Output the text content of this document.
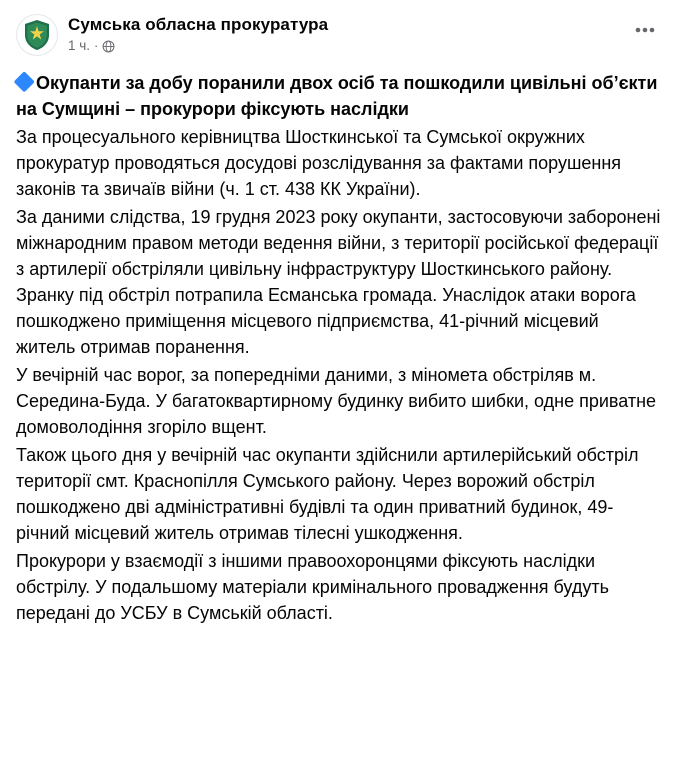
Сумська обласна прокуратура
1 ч. ·

Окупанти за добу поранили двох осіб та пошкодили цивільні об’єкти на Сумщині – прокурори фіксують наслідки

За процесуального керівництва Шосткинської та Сумської окружних прокуратур проводяться досудові розслідування за фактами порушення законів та звичаїв війни (ч. 1 ст. 438 КК України).

За даними слідства, 19 грудня 2023 року окупанти, застосовуючи заборонені міжнародним правом методи ведення війни, з території російської федерації з артилерії обстріляли цивільну інфраструктуру Шосткинського району. Зранку під обстріл потрапила Есманська громада. Унаслідок атаки ворога пошкоджено приміщення місцевого підприємства, 41-річний місцевий житель отримав поранення.

У вечірній час ворог, за попередніми даними, з мінометa обстріляв м. Середина-Буда. У багатоквартирному будинку вибито шибки, одне приватне домоволодіння згоріло вщент.

Також цього дня у вечірній час окупанти здійснили артилерійський обстріл території смт. Краснопілля Сумського району. Через ворожий обстріл пошкоджено дві адміністративні будівлі та один приватний будинок, 49-річний місцевий житель отримав тілесні ушкодження.

Прокурори у взаємодії з іншими правоохоронцями фіксують наслідки обстрілу. У подальшому матеріали кримінального провадження будуть передані до УСБУ в Сумській області.
